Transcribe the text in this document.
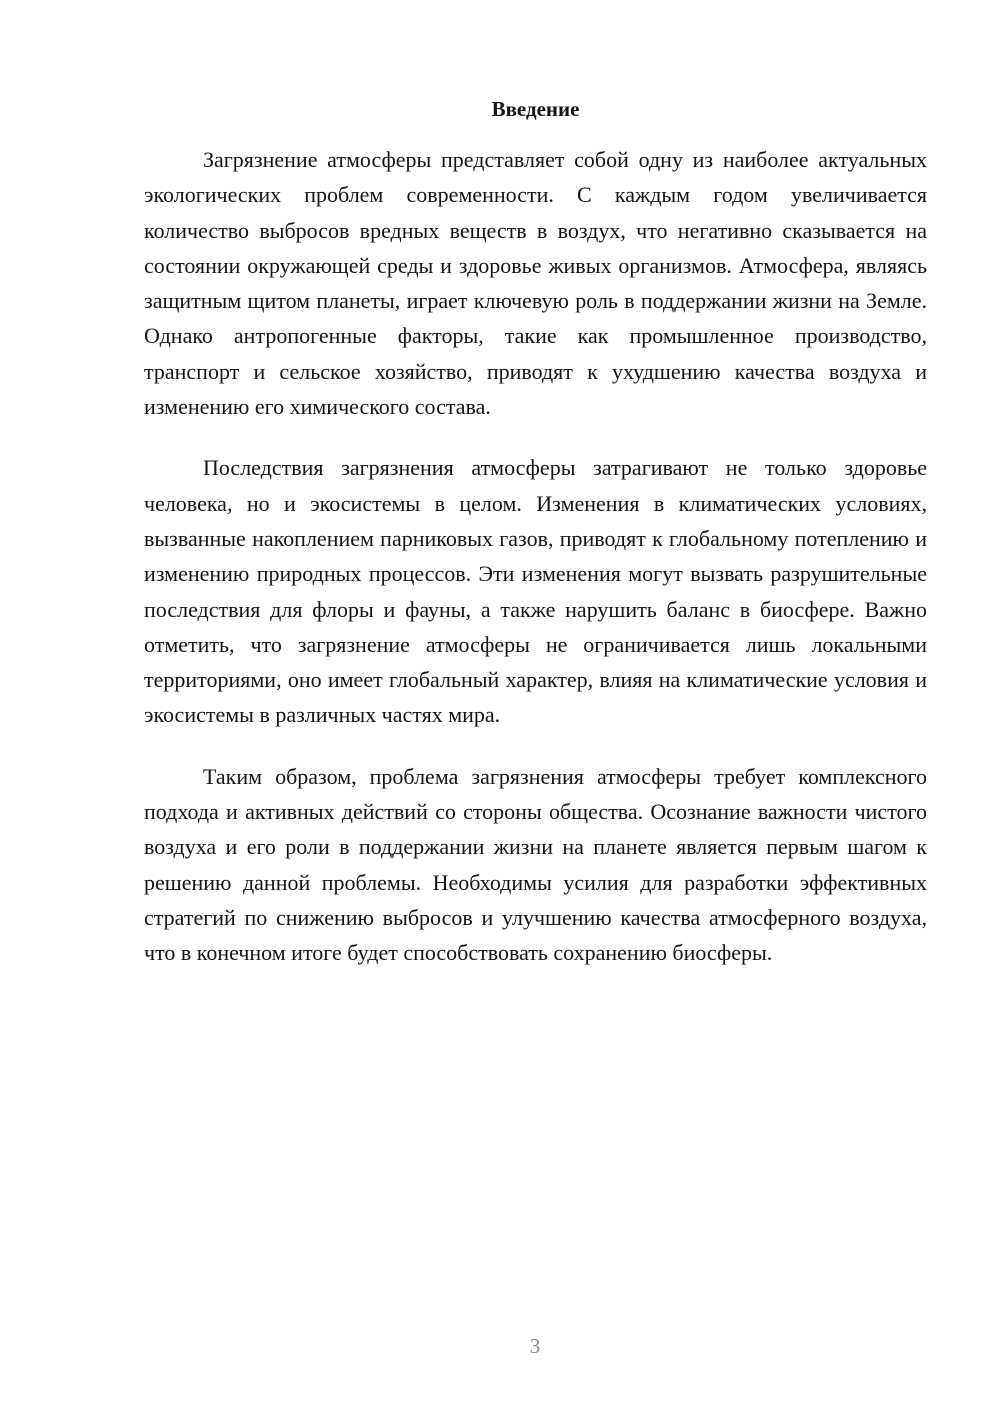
Введение

Загрязнение атмосферы представляет собой одну из наиболее актуальных экологических проблем современности. С каждым годом увеличивается количество выбросов вредных веществ в воздух, что негативно сказывается на состоянии окружающей среды и здоровье живых организмов. Атмосфера, являясь защитным щитом планеты, играет ключевую роль в поддержании жизни на Земле. Однако антропогенные факторы, такие как промышленное производство, транспорт и сельское хозяйство, приводят к ухудшению качества воздуха и изменению его химического состава.

Последствия загрязнения атмосферы затрагивают не только здоровье человека, но и экосистемы в целом. Изменения в климатических условиях, вызванные накоплением парниковых газов, приводят к глобальному потеплению и изменению природных процессов. Эти изменения могут вызвать разрушительные последствия для флоры и фауны, а также нарушить баланс в биосфере. Важно отметить, что загрязнение атмосферы не ограничивается лишь локальными территориями, оно имеет глобальный характер, влияя на климатические условия и экосистемы в различных частях мира.

Таким образом, проблема загрязнения атмосферы требует комплексного подхода и активных действий со стороны общества. Осознание важности чистого воздуха и его роли в поддержании жизни на планете является первым шагом к решению данной проблемы. Необходимы усилия для разработки эффективных стратегий по снижению выбросов и улучшению качества атмосферного воздуха, что в конечном итоге будет способствовать сохранению биосферы.

3
